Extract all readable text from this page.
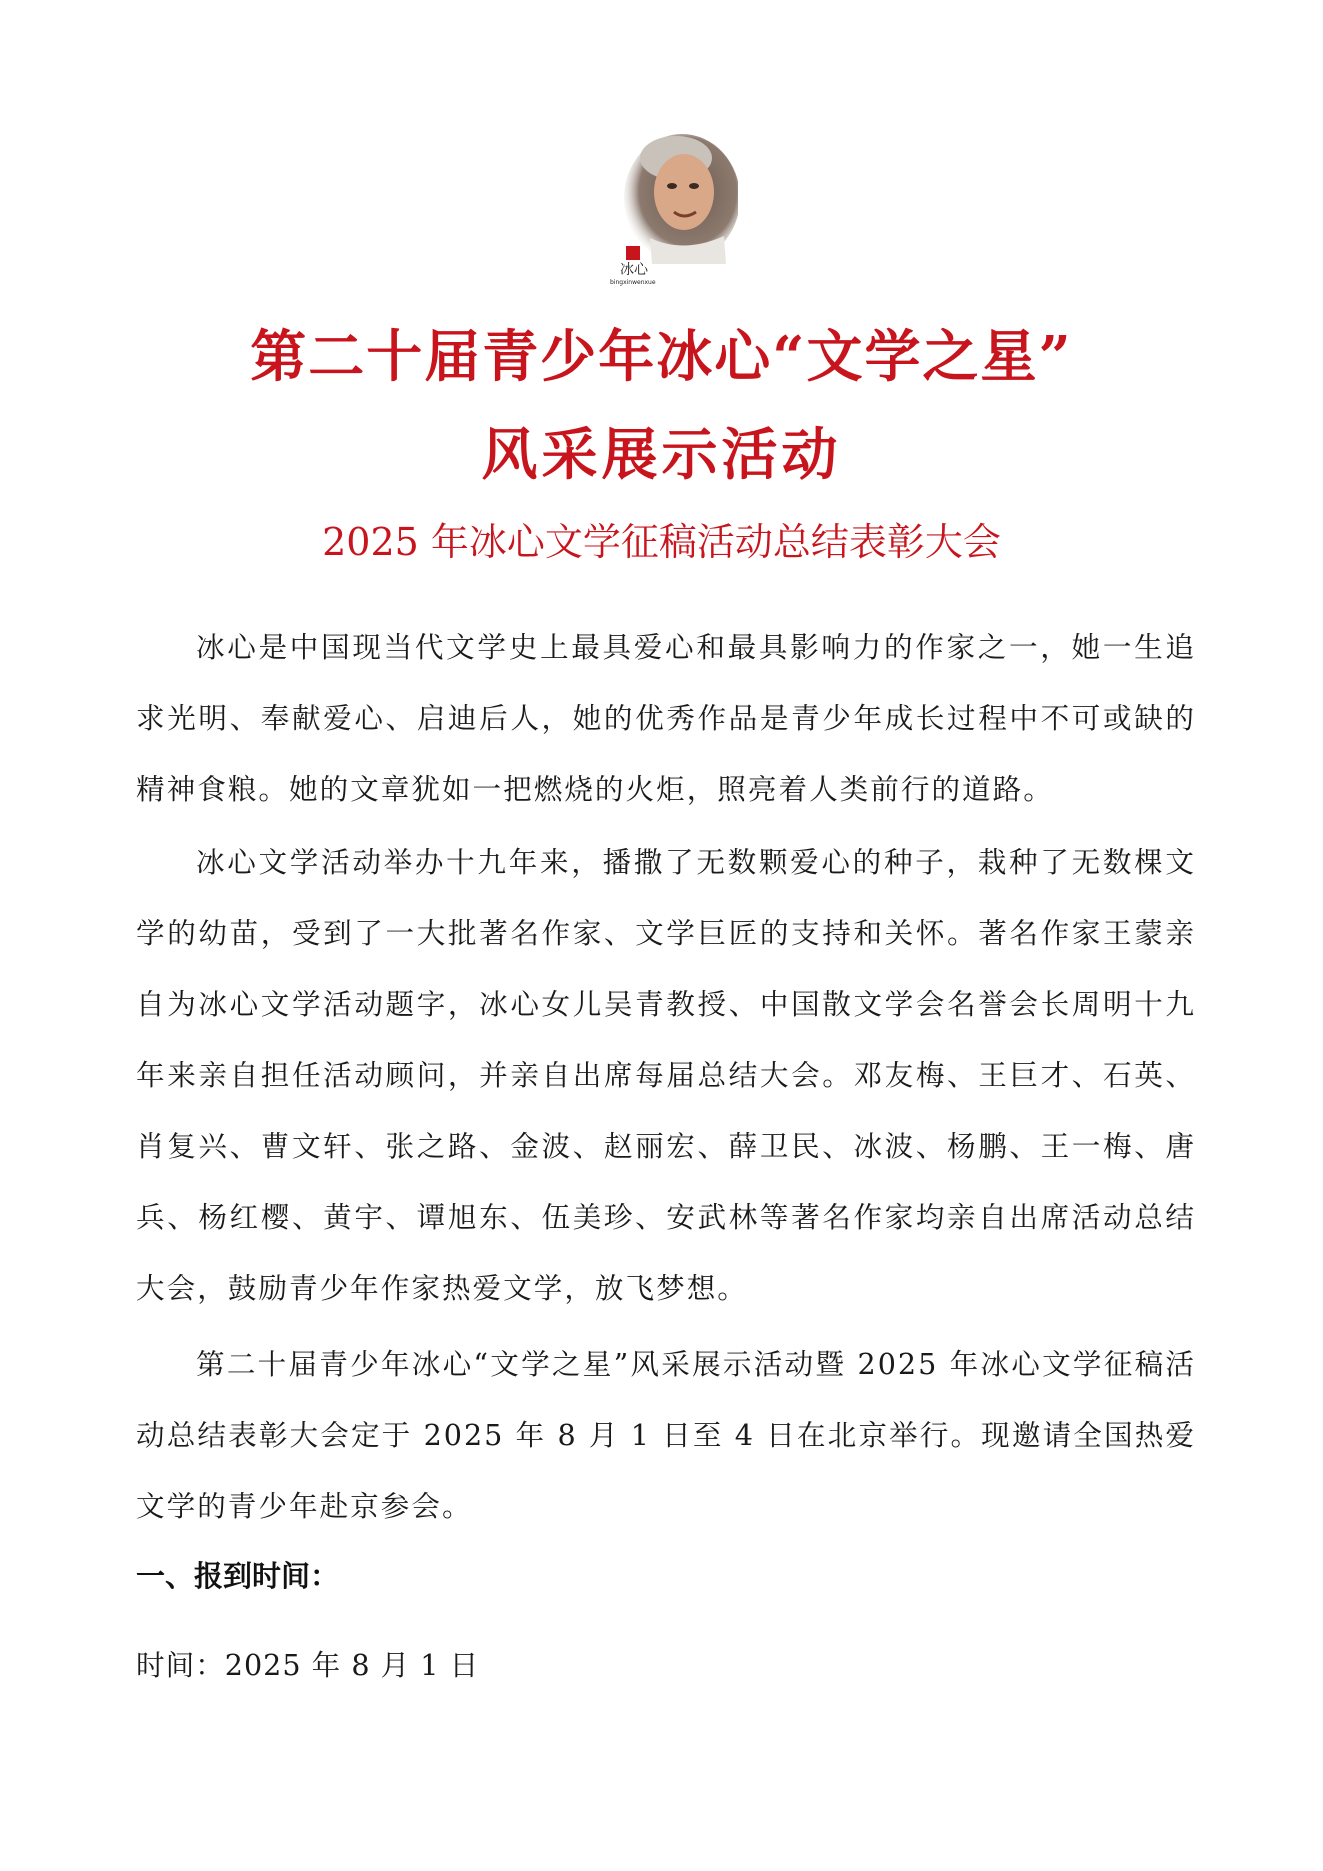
冰心
bingxinwenxue
第二十届青少年冰心“文学之星”
风采展示活动
2025 年冰心文学征稿活动总结表彰大会

冰心是中国现当代文学史上最具爱心和最具影响力的作家之一，她一生追求光明、奉献爱心、启迪后人，她的优秀作品是青少年成长过程中不可或缺的精神食粮。她的文章犹如一把燃烧的火炬，照亮着人类前行的道路。

冰心文学活动举办十九年来，播撒了无数颗爱心的种子，栽种了无数棵文学的幼苗，受到了一大批著名作家、文学巨匠的支持和关怀。著名作家王蒙亲自为冰心文学活动题字，冰心女儿吴青教授、中国散文学会名誉会长周明十九年来亲自担任活动顾问，并亲自出席每届总结大会。邓友梅、王巨才、石英、肖复兴、曹文轩、张之路、金波、赵丽宏、薛卫民、冰波、杨鹏、王一梅、唐兵、杨红樱、黄宇、谭旭东、伍美珍、安武林等著名作家均亲自出席活动总结大会，鼓励青少年作家热爱文学，放飞梦想。

第二十届青少年冰心“文学之星”风采展示活动暨 2025 年冰心文学征稿活动总结表彰大会定于 2025 年 8 月 1 日至 4 日在北京举行。现邀请全国热爱文学的青少年赴京参会。

一、报到时间：
时间：2025 年 8 月 1 日
